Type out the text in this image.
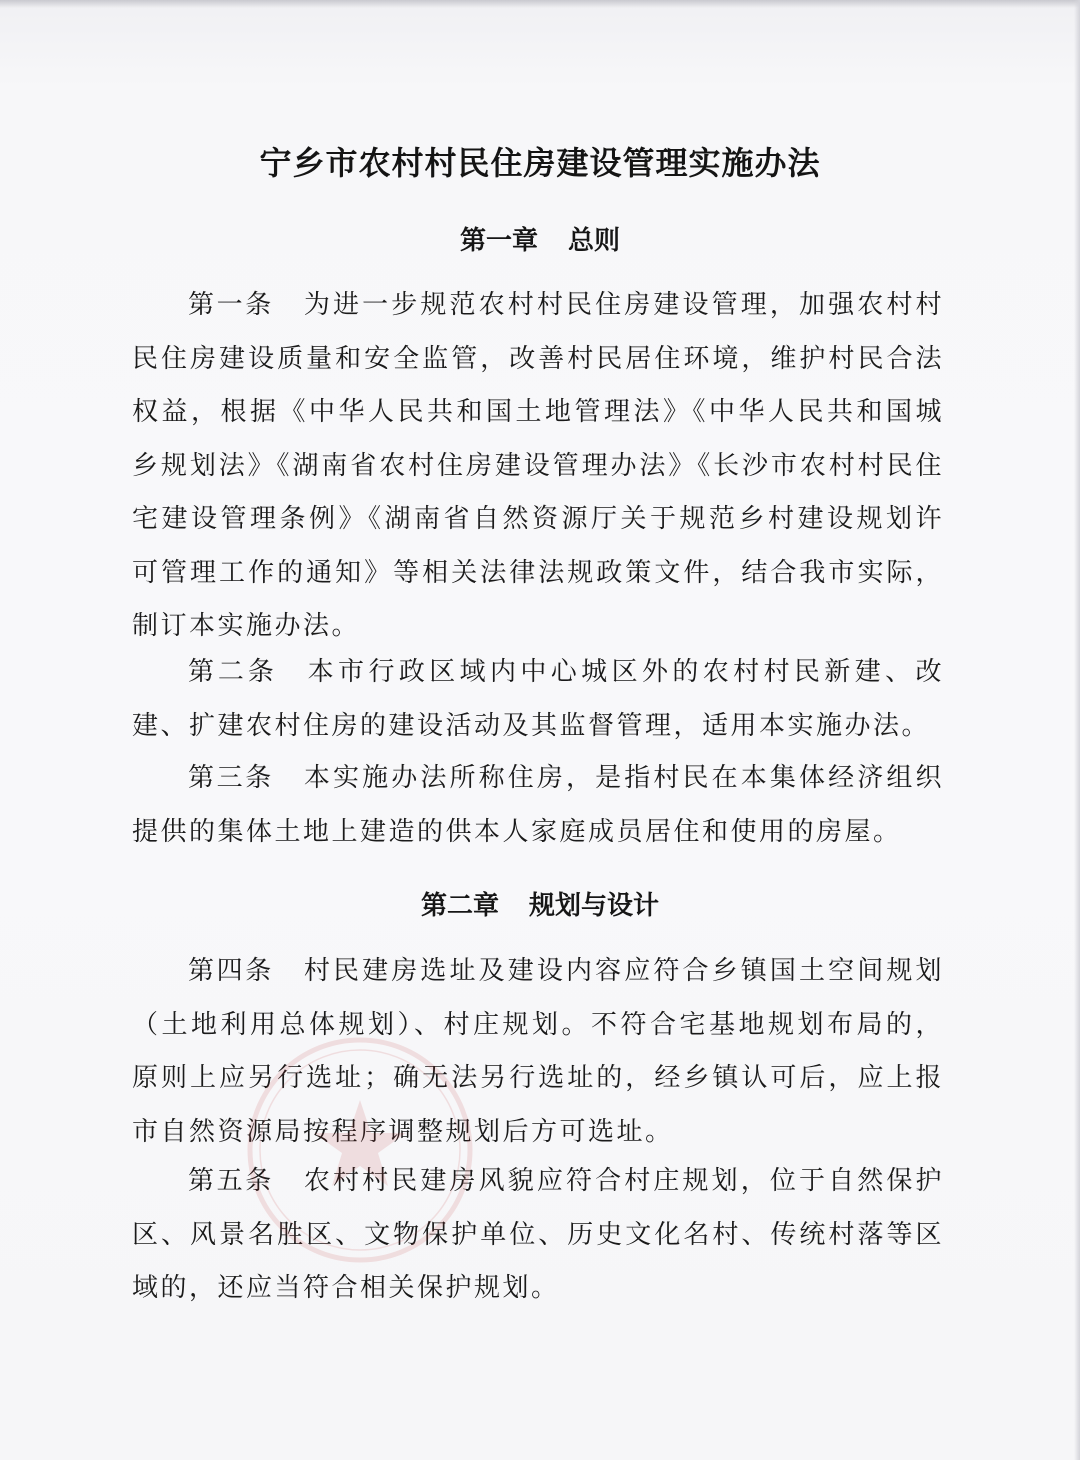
宁乡市农村村民住房建设管理实施办法
第一章 总则

第一条 为进一步规范农村村民住房建设管理，加强农村村民住房建设质量和安全监管，改善村民居住环境，维护村民合法权益，根据《中华人民共和国土地管理法》《中华人民共和国城乡规划法》《湖南省农村住房建设管理办法》《长沙市农村村民住宅建设管理条例》《湖南省自然资源厅关于规范乡村建设规划许可管理工作的通知》等相关法律法规政策文件，结合我市实际，制订本实施办法。

第二条 本市行政区域内中心城区外的农村村民新建、改建、扩建农村住房的建设活动及其监督管理，适用本实施办法。

第三条 本实施办法所称住房，是指村民在本集体经济组织提供的集体土地上建造的供本人家庭成员居住和使用的房屋。

第二章 规划与设计

第四条 村民建房选址及建设内容应符合乡镇国土空间规划（土地利用总体规划）、村庄规划。不符合宅基地规划布局的，原则上应另行选址；确无法另行选址的，经乡镇认可后，应上报市自然资源局按程序调整规划后方可选址。

第五条 农村村民建房风貌应符合村庄规划，位于自然保护区、风景名胜区、文物保护单位、历史文化名村、传统村落等区域的，还应当符合相关保护规划。
